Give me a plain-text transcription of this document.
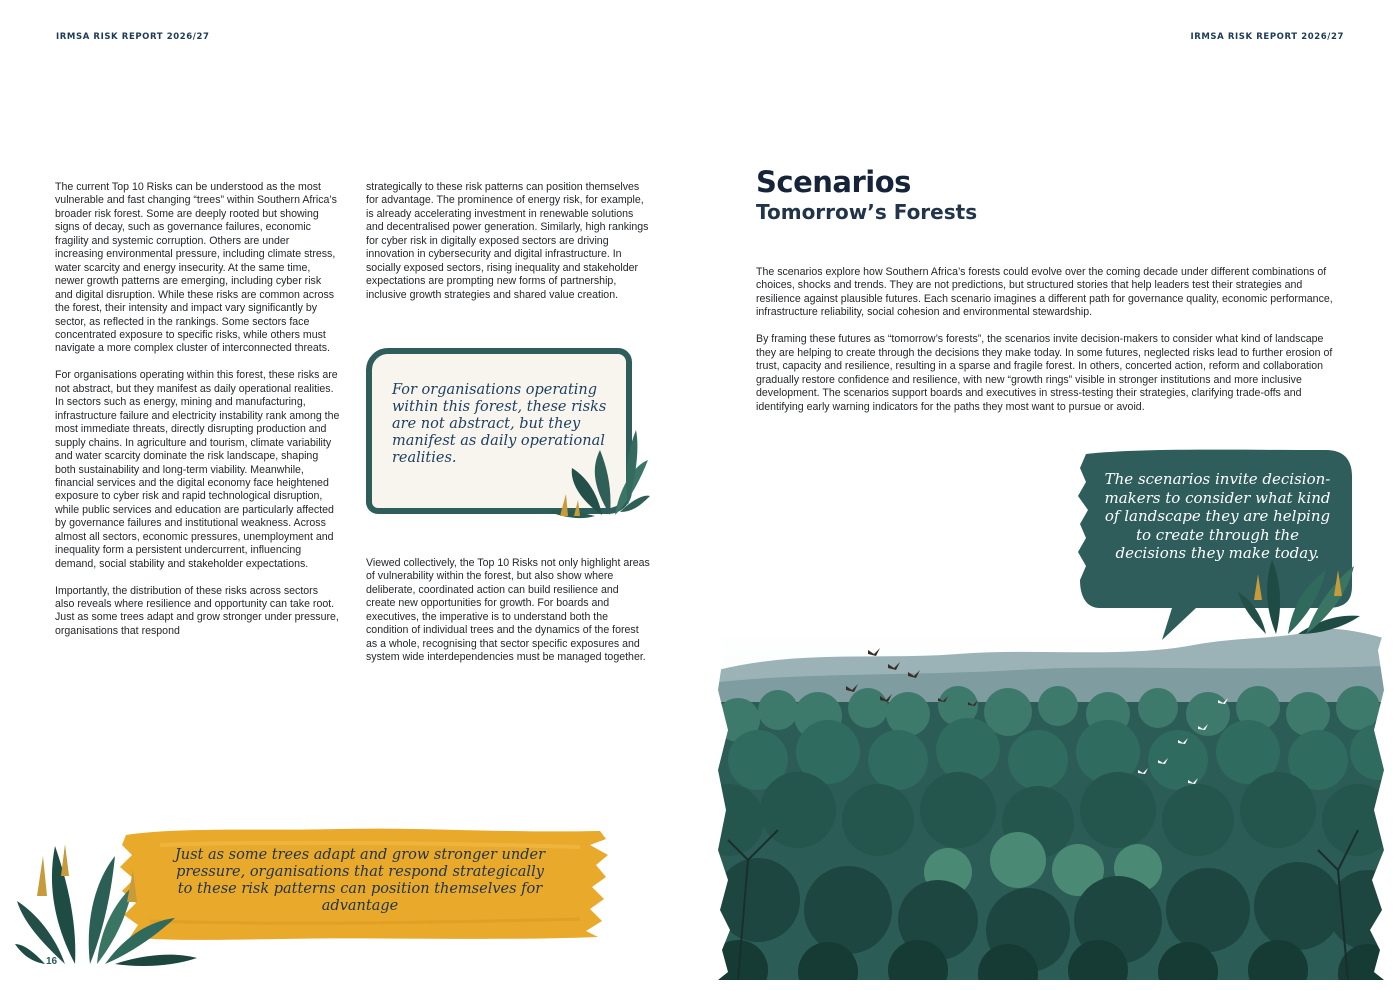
IRMSA RISK REPORT 2026/27	IRMSA RISK REPORT 2026/27

The current Top 10 Risks can be understood as the most vulnerable and fast changing “trees” within Southern Africa’s broader risk forest. Some are deeply rooted but showing signs of decay, such as governance failures, economic fragility and systemic corruption. Others are under increasing environmental pressure, including climate stress, water scarcity and energy insecurity. At the same time, newer growth patterns are emerging, including cyber risk and digital disruption. While these risks are common across the forest, their intensity and impact vary significantly by sector, as reflected in the rankings. Some sectors face concentrated exposure to specific risks, while others must navigate a more complex cluster of interconnected threats.

For organisations operating within this forest, these risks are not abstract, but they manifest as daily operational realities. In sectors such as energy, mining and manufacturing, infrastructure failure and electricity instability rank among the most immediate threats, directly disrupting production and supply chains. In agriculture and tourism, climate variability and water scarcity dominate the risk landscape, shaping both sustainability and long-term viability. Meanwhile, financial services and the digital economy face heightened exposure to cyber risk and rapid technological disruption, while public services and education are particularly affected by governance failures and institutional weakness. Across almost all sectors, economic pressures, unemployment and inequality form a persistent undercurrent, influencing demand, social stability and stakeholder expectations.

Importantly, the distribution of these risks across sectors also reveals where resilience and opportunity can take root. Just as some trees adapt and grow stronger under pressure, organisations that respond

strategically to these risk patterns can position themselves for advantage. The prominence of energy risk, for example, is already accelerating investment in renewable solutions and decentralised power generation. Similarly, high rankings for cyber risk in digitally exposed sectors are driving innovation in cybersecurity and digital infrastructure. In socially exposed sectors, rising inequality and stakeholder expectations are prompting new forms of partnership, inclusive growth strategies and shared value creation.

For organisations operating within this forest, these risks are not abstract, but they manifest as daily operational realities.

Viewed collectively, the Top 10 Risks not only highlight areas of vulnerability within the forest, but also show where deliberate, coordinated action can build resilience and create new opportunities for growth. For boards and executives, the imperative is to understand both the condition of individual trees and the dynamics of the forest as a whole, recognising that sector specific exposures and system wide interdependencies must be managed together.

Just as some trees adapt and grow stronger under pressure, organisations that respond strategically to these risk patterns can position themselves for advantage
16
Scenarios
Tomorrow’s Forests

The scenarios explore how Southern Africa’s forests could evolve over the coming decade under different combinations of choices, shocks and trends. They are not predictions, but structured stories that help leaders test their strategies and resilience against plausible futures. Each scenario imagines a different path for governance quality, economic performance, infrastructure reliability, social cohesion and environmental stewardship.

By framing these futures as “tomorrow’s forests”, the scenarios invite decision-makers to consider what kind of landscape they are helping to create through the decisions they make today. In some futures, neglected risks lead to further erosion of trust, capacity and resilience, resulting in a sparse and fragile forest. In others, concerted action, reform and collaboration gradually restore confidence and resilience, with new “growth rings” visible in stronger institutions and more inclusive development. The scenarios support boards and executives in stress-testing their strategies, clarifying trade-offs and identifying early warning indicators for the paths they most want to pursue or avoid.

The scenarios invite decision-makers to consider what kind of landscape they are helping to create through the decisions they make today.
